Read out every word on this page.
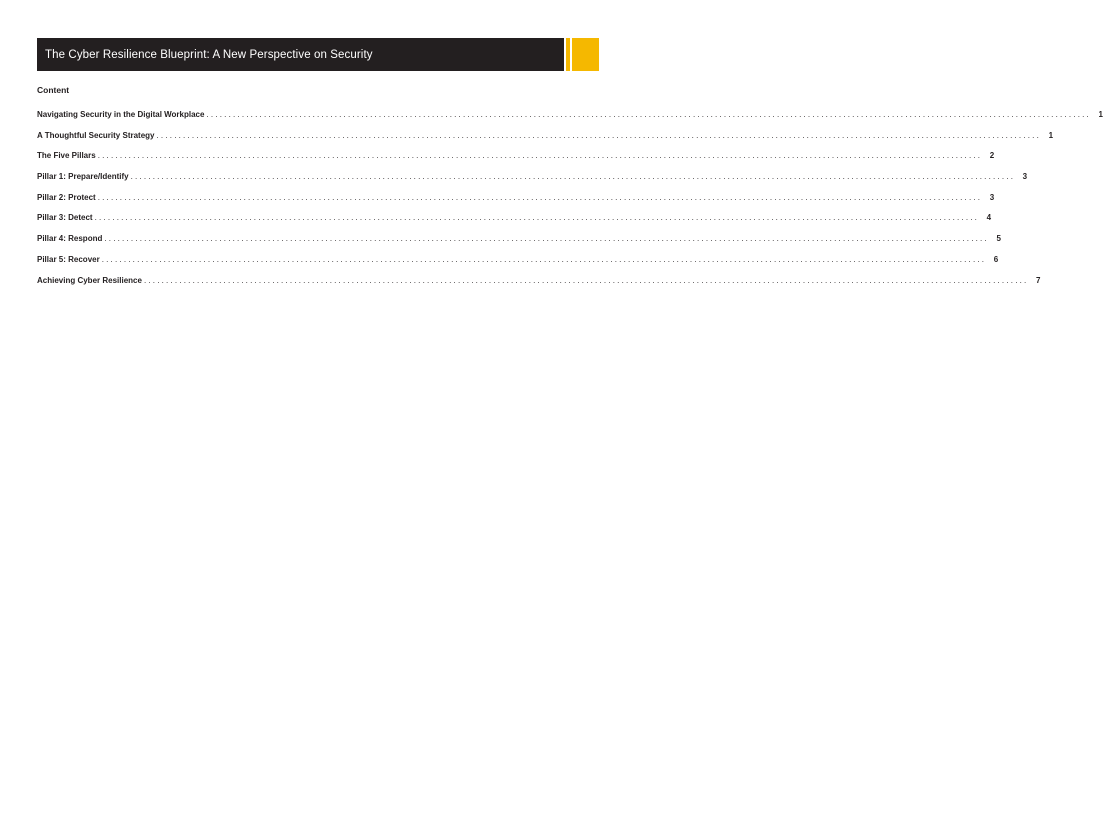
The Cyber Resilience Blueprint: A New Perspective on Security
Content
Navigating Security in the Digital Workplace ........................................................................................................................................................................................................ 1
A Thoughtful Security Strategy ........................................................................................................................................................................................................ 1
The Five Pillars ........................................................................................................................................................................................................ 2
Pillar 1: Prepare/Identify ........................................................................................................................................................................................................ 3
Pillar 2: Protect ........................................................................................................................................................................................................ 3
Pillar 3: Detect ........................................................................................................................................................................................................ 4
Pillar 4: Respond ........................................................................................................................................................................................................ 5
Pillar 5: Recover ........................................................................................................................................................................................................ 6
Achieving Cyber Resilience ........................................................................................................................................................................................................ 7
